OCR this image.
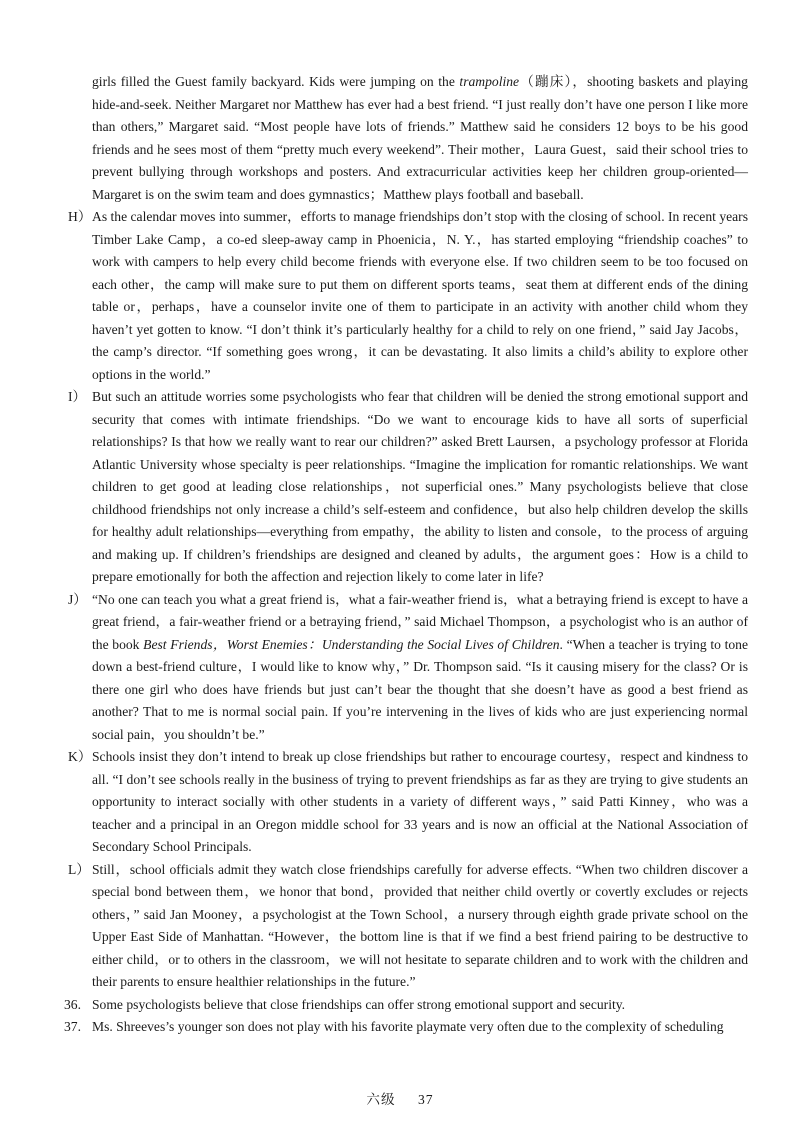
girls filled the Guest family backyard. Kids were jumping on the trampoline（蹦床），shooting baskets and playing hide-and-seek. Neither Margaret nor Matthew has ever had a best friend. “I just really don’t have one person I like more than others,” Margaret said. “Most people have lots of friends.” Matthew said he considers 12 boys to be his good friends and he sees most of them “pretty much every weekend”. Their mother，Laura Guest，said their school tries to prevent bullying through workshops and posters. And extracurricular activities keep her children group-oriented—Margaret is on the swim team and does gymnastics；Matthew plays football and baseball.

H） As the calendar moves into summer，efforts to manage friendships don’t stop with the closing of school. In recent years Timber Lake Camp，a co-ed sleep-away camp in Phoenicia，N. Y.，has started employing “friendship coaches” to work with campers to help every child become friends with everyone else. If two children seem to be too focused on each other，the camp will make sure to put them on different sports teams，seat them at different ends of the dining table or，perhaps，have a counselor invite one of them to participate in an activity with another child whom they haven’t yet gotten to know. “I don’t think it’s particularly healthy for a child to rely on one friend，” said Jay Jacobs，the camp’s director. “If something goes wrong，it can be devastating. It also limits a child’s ability to explore other options in the world.”

I） But such an attitude worries some psychologists who fear that children will be denied the strong emotional support and security that comes with intimate friendships. “Do we want to encourage kids to have all sorts of superficial relationships? Is that how we really want to rear our children?” asked Brett Laursen，a psychology professor at Florida Atlantic University whose specialty is peer relationships. “Imagine the implication for romantic relationships. We want children to get good at leading close relationships，not superficial ones.” Many psychologists believe that close childhood friendships not only increase a child’s self-esteem and confidence，but also help children develop the skills for healthy adult relationships—everything from empathy，the ability to listen and console，to the process of arguing and making up. If children’s friendships are designed and cleaned by adults，the argument goes：How is a child to prepare emotionally for both the affection and rejection likely to come later in life?

J） “No one can teach you what a great friend is，what a fair-weather friend is，what a betraying friend is except to have a great friend，a fair-weather friend or a betraying friend，” said Michael Thompson，a psychologist who is an author of the book Best Friends，Worst Enemies：Understanding the Social Lives of Children. “When a teacher is trying to tone down a best-friend culture，I would like to know why，” Dr. Thompson said. “Is it causing misery for the class? Or is there one girl who does have friends but just can’t bear the thought that she doesn’t have as good a best friend as another? That to me is normal social pain. If you’re intervening in the lives of kids who are just experiencing normal social pain，you shouldn’t be.”

K） Schools insist they don’t intend to break up close friendships but rather to encourage courtesy，respect and kindness to all. “I don’t see schools really in the business of trying to prevent friendships as far as they are trying to give students an opportunity to interact socially with other students in a variety of different ways，” said Patti Kinney，who was a teacher and a principal in an Oregon middle school for 33 years and is now an official at the National Association of Secondary School Principals.

L） Still，school officials admit they watch close friendships carefully for adverse effects. “When two children discover a special bond between them，we honor that bond，provided that neither child overtly or covertly excludes or rejects others，” said Jan Mooney，a psychologist at the Town School，a nursery through eighth grade private school on the Upper East Side of Manhattan. “However，the bottom line is that if we find a best friend pairing to be destructive to either child，or to others in the classroom，we will not hesitate to separate children and to work with the children and their parents to ensure healthier relationships in the future.”

36. Some psychologists believe that close friendships can offer strong emotional support and security.

37. Ms. Shreeves’s younger son does not play with his favorite playmate very often due to the complexity of scheduling

六级 37
